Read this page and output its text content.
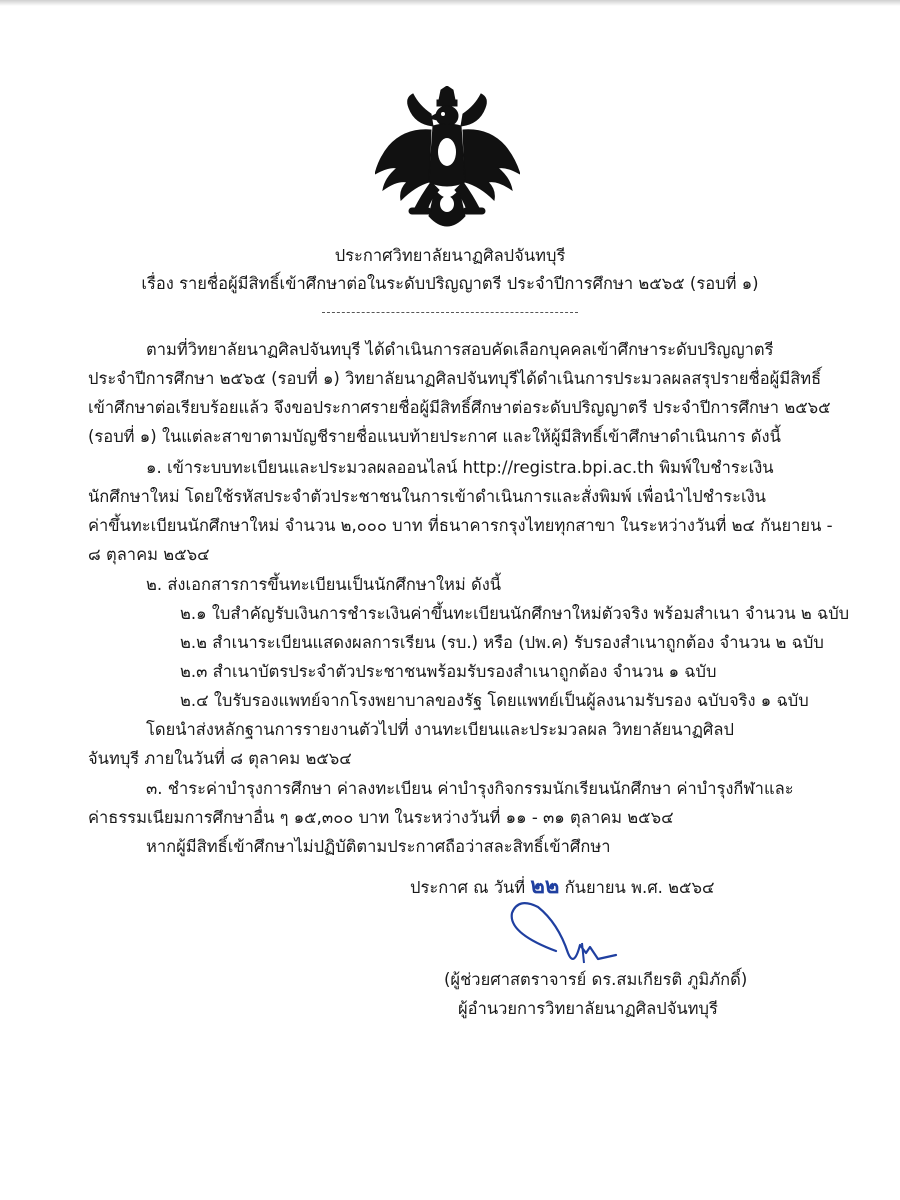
ประกาศวิทยาลัยนาฏศิลปจันทบุรี
เรื่อง รายชื่อผู้มีสิทธิ์เข้าศึกษาต่อในระดับปริญญาตรี ประจำปีการศึกษา ๒๕๖๕ (รอบที่ ๑)
ตามที่วิทยาลัยนาฏศิลปจันทบุรี ได้ดำเนินการสอบคัดเลือกบุคคลเข้าศึกษาระดับปริญญาตรี
ประจำปีการศึกษา ๒๕๖๕ (รอบที่ ๑) วิทยาลัยนาฏศิลปจันทบุรีได้ดำเนินการประมวลผลสรุปรายชื่อผู้มีสิทธิ์
เข้าศึกษาต่อเรียบร้อยแล้ว จึงขอประกาศรายชื่อผู้มีสิทธิ์ศึกษาต่อระดับปริญญาตรี ประจำปีการศึกษา ๒๕๖๕
(รอบที่ ๑) ในแต่ละสาขาตามบัญชีรายชื่อแนบท้ายประกาศ และให้ผู้มีสิทธิ์เข้าศึกษาดำเนินการ ดังนี้
๑. เข้าระบบทะเบียนและประมวลผลออนไลน์ http://registra.bpi.ac.th พิมพ์ใบชำระเงิน
นักศึกษาใหม่ โดยใช้รหัสประจำตัวประชาชนในการเข้าดำเนินการและสั่งพิมพ์ เพื่อนำไปชำระเงิน
ค่าขึ้นทะเบียนนักศึกษาใหม่ จำนวน ๒,๐๐๐ บาท ที่ธนาคารกรุงไทยทุกสาขา ในระหว่างวันที่ ๒๔ กันยายน -
๘ ตุลาคม ๒๕๖๔
๒. ส่งเอกสารการขึ้นทะเบียนเป็นนักศึกษาใหม่ ดังนี้
๒.๑ ใบสำคัญรับเงินการชำระเงินค่าขึ้นทะเบียนนักศึกษาใหม่ตัวจริง พร้อมสำเนา จำนวน ๒ ฉบับ
๒.๒ สำเนาระเบียนแสดงผลการเรียน (รบ.) หรือ (ปพ.ค) รับรองสำเนาถูกต้อง จำนวน ๒ ฉบับ
๒.๓ สำเนาบัตรประจำตัวประชาชนพร้อมรับรองสำเนาถูกต้อง จำนวน ๑ ฉบับ
๒.๔ ใบรับรองแพทย์จากโรงพยาบาลของรัฐ โดยแพทย์เป็นผู้ลงนามรับรอง ฉบับจริง ๑ ฉบับ
โดยนำส่งหลักฐานการรายงานตัวไปที่ งานทะเบียนและประมวลผล วิทยาลัยนาฏศิลป
จันทบุรี ภายในวันที่ ๘ ตุลาคม ๒๕๖๔
๓. ชำระค่าบำรุงการศึกษา ค่าลงทะเบียน ค่าบำรุงกิจกรรมนักเรียนนักศึกษา ค่าบำรุงกีฬาและ
ค่าธรรมเนียมการศึกษาอื่น ๆ ๑๕,๓๐๐ บาท ในระหว่างวันที่ ๑๑ - ๓๑ ตุลาคม ๒๕๖๔
หากผู้มีสิทธิ์เข้าศึกษาไม่ปฏิบัติตามประกาศถือว่าสละสิทธิ์เข้าศึกษา
ประกาศ ณ วันที่ ๒๒ กันยายน พ.ศ. ๒๕๖๔
(ผู้ช่วยศาสตราจารย์ ดร.สมเกียรติ ภูมิภักดิ์)
ผู้อำนวยการวิทยาลัยนาฏศิลปจันทบุรี
